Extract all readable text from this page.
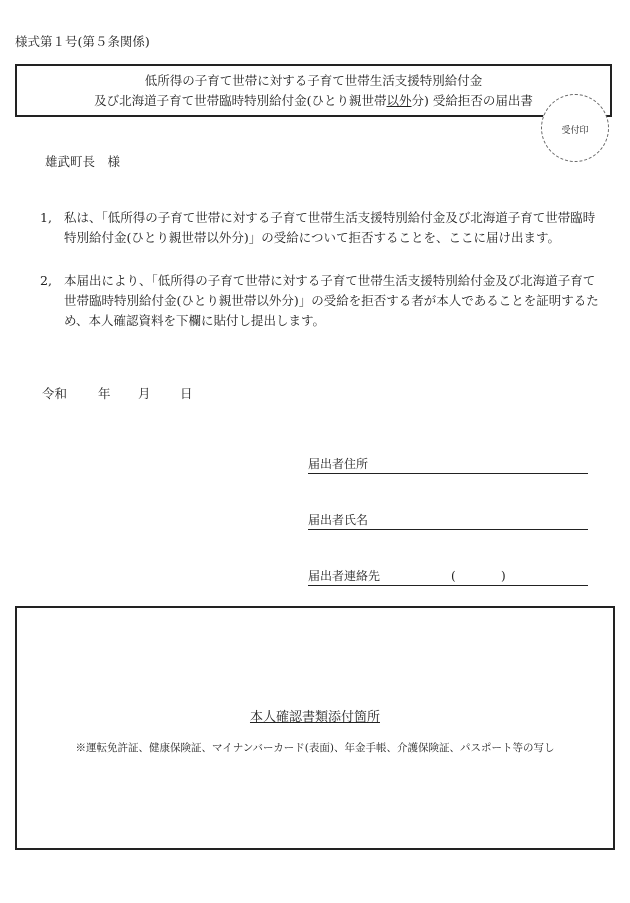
様式第１号(第５条関係)
低所得の子育て世帯に対する子育て世帯生活支援特別給付金
及び北海道子育て世帯臨時特別給付金(ひとり親世帯以外分) 受給拒否の届出書
受付印
雄武町長　様
1, 私は、「低所得の子育て世帯に対する子育て世帯生活支援特別給付金及び北海道子育て世帯臨時特別給付金(ひとり親世帯以外分)」の受給について拒否することを、ここに届け出ます。
2, 本届出により、「低所得の子育て世帯に対する子育て世帯生活支援特別給付金及び北海道子育て世帯臨時特別給付金(ひとり親世帯以外分)」の受給を拒否する者が本人であることを証明するため、本人確認資料を下欄に貼付し提出します。
令和 年 月 日
届出者住所
届出者氏名
届出者連絡先	(	)
本人確認書類添付箇所
※運転免許証、健康保険証、マイナンバーカード(表面)、年金手帳、介護保険証、パスポート等の写し
